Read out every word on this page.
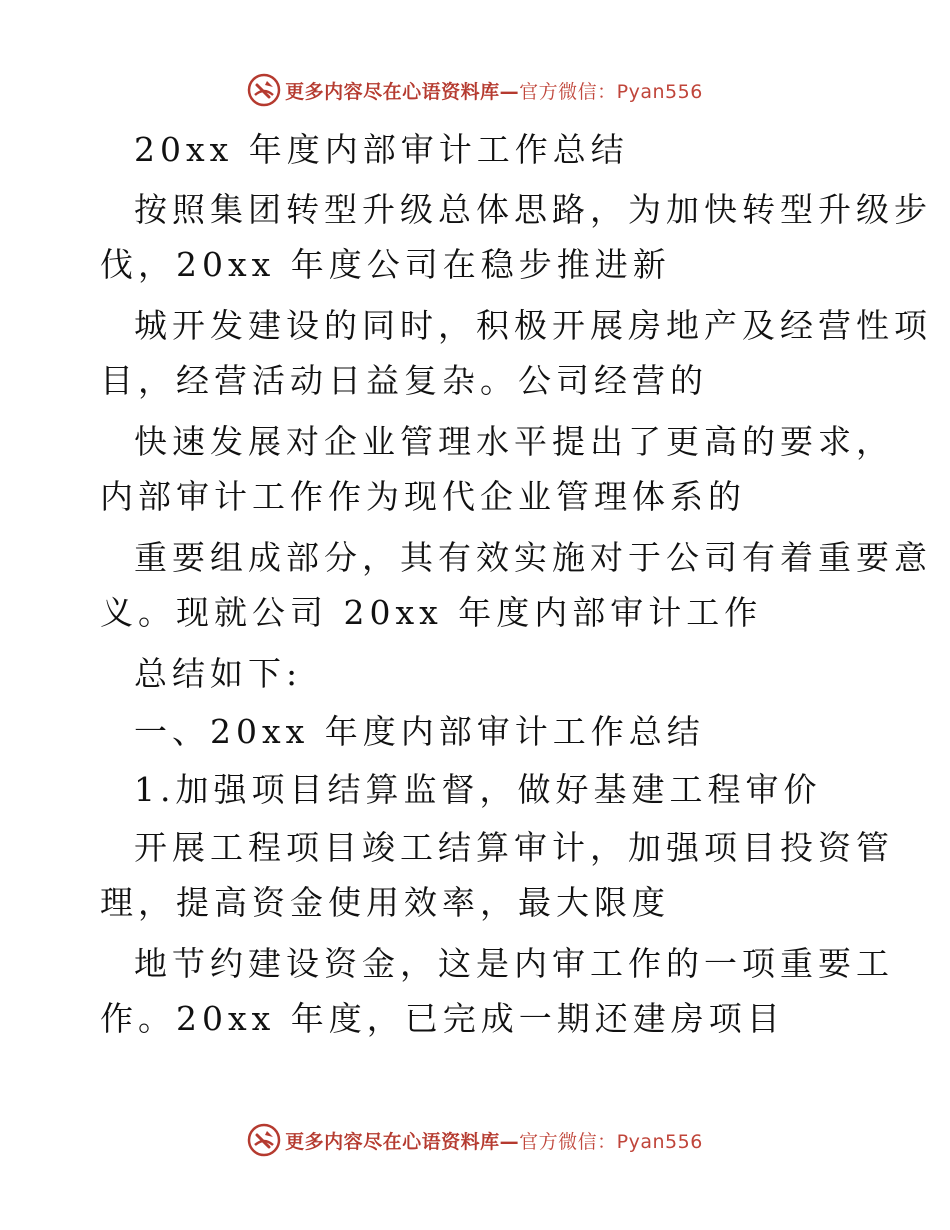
更多内容尽在心语资料库—官方微信：Pyan556
20xx 年度内部审计工作总结
按照集团转型升级总体思路，为加快转型升级步
伐，20xx 年度公司在稳步推进新
城开发建设的同时，积极开展房地产及经营性项
目，经营活动日益复杂。公司经营的
快速发展对企业管理水平提出了更高的要求，
内部审计工作作为现代企业管理体系的
重要组成部分，其有效实施对于公司有着重要意
义。现就公司 20xx 年度内部审计工作
总结如下:
一、20xx 年度内部审计工作总结
1.加强项目结算监督，做好基建工程审价
开展工程项目竣工结算审计，加强项目投资管
理，提高资金使用效率，最大限度
地节约建设资金，这是内审工作的一项重要工
作。20xx 年度，已完成一期还建房项目
更多内容尽在心语资料库—官方微信：Pyan556
